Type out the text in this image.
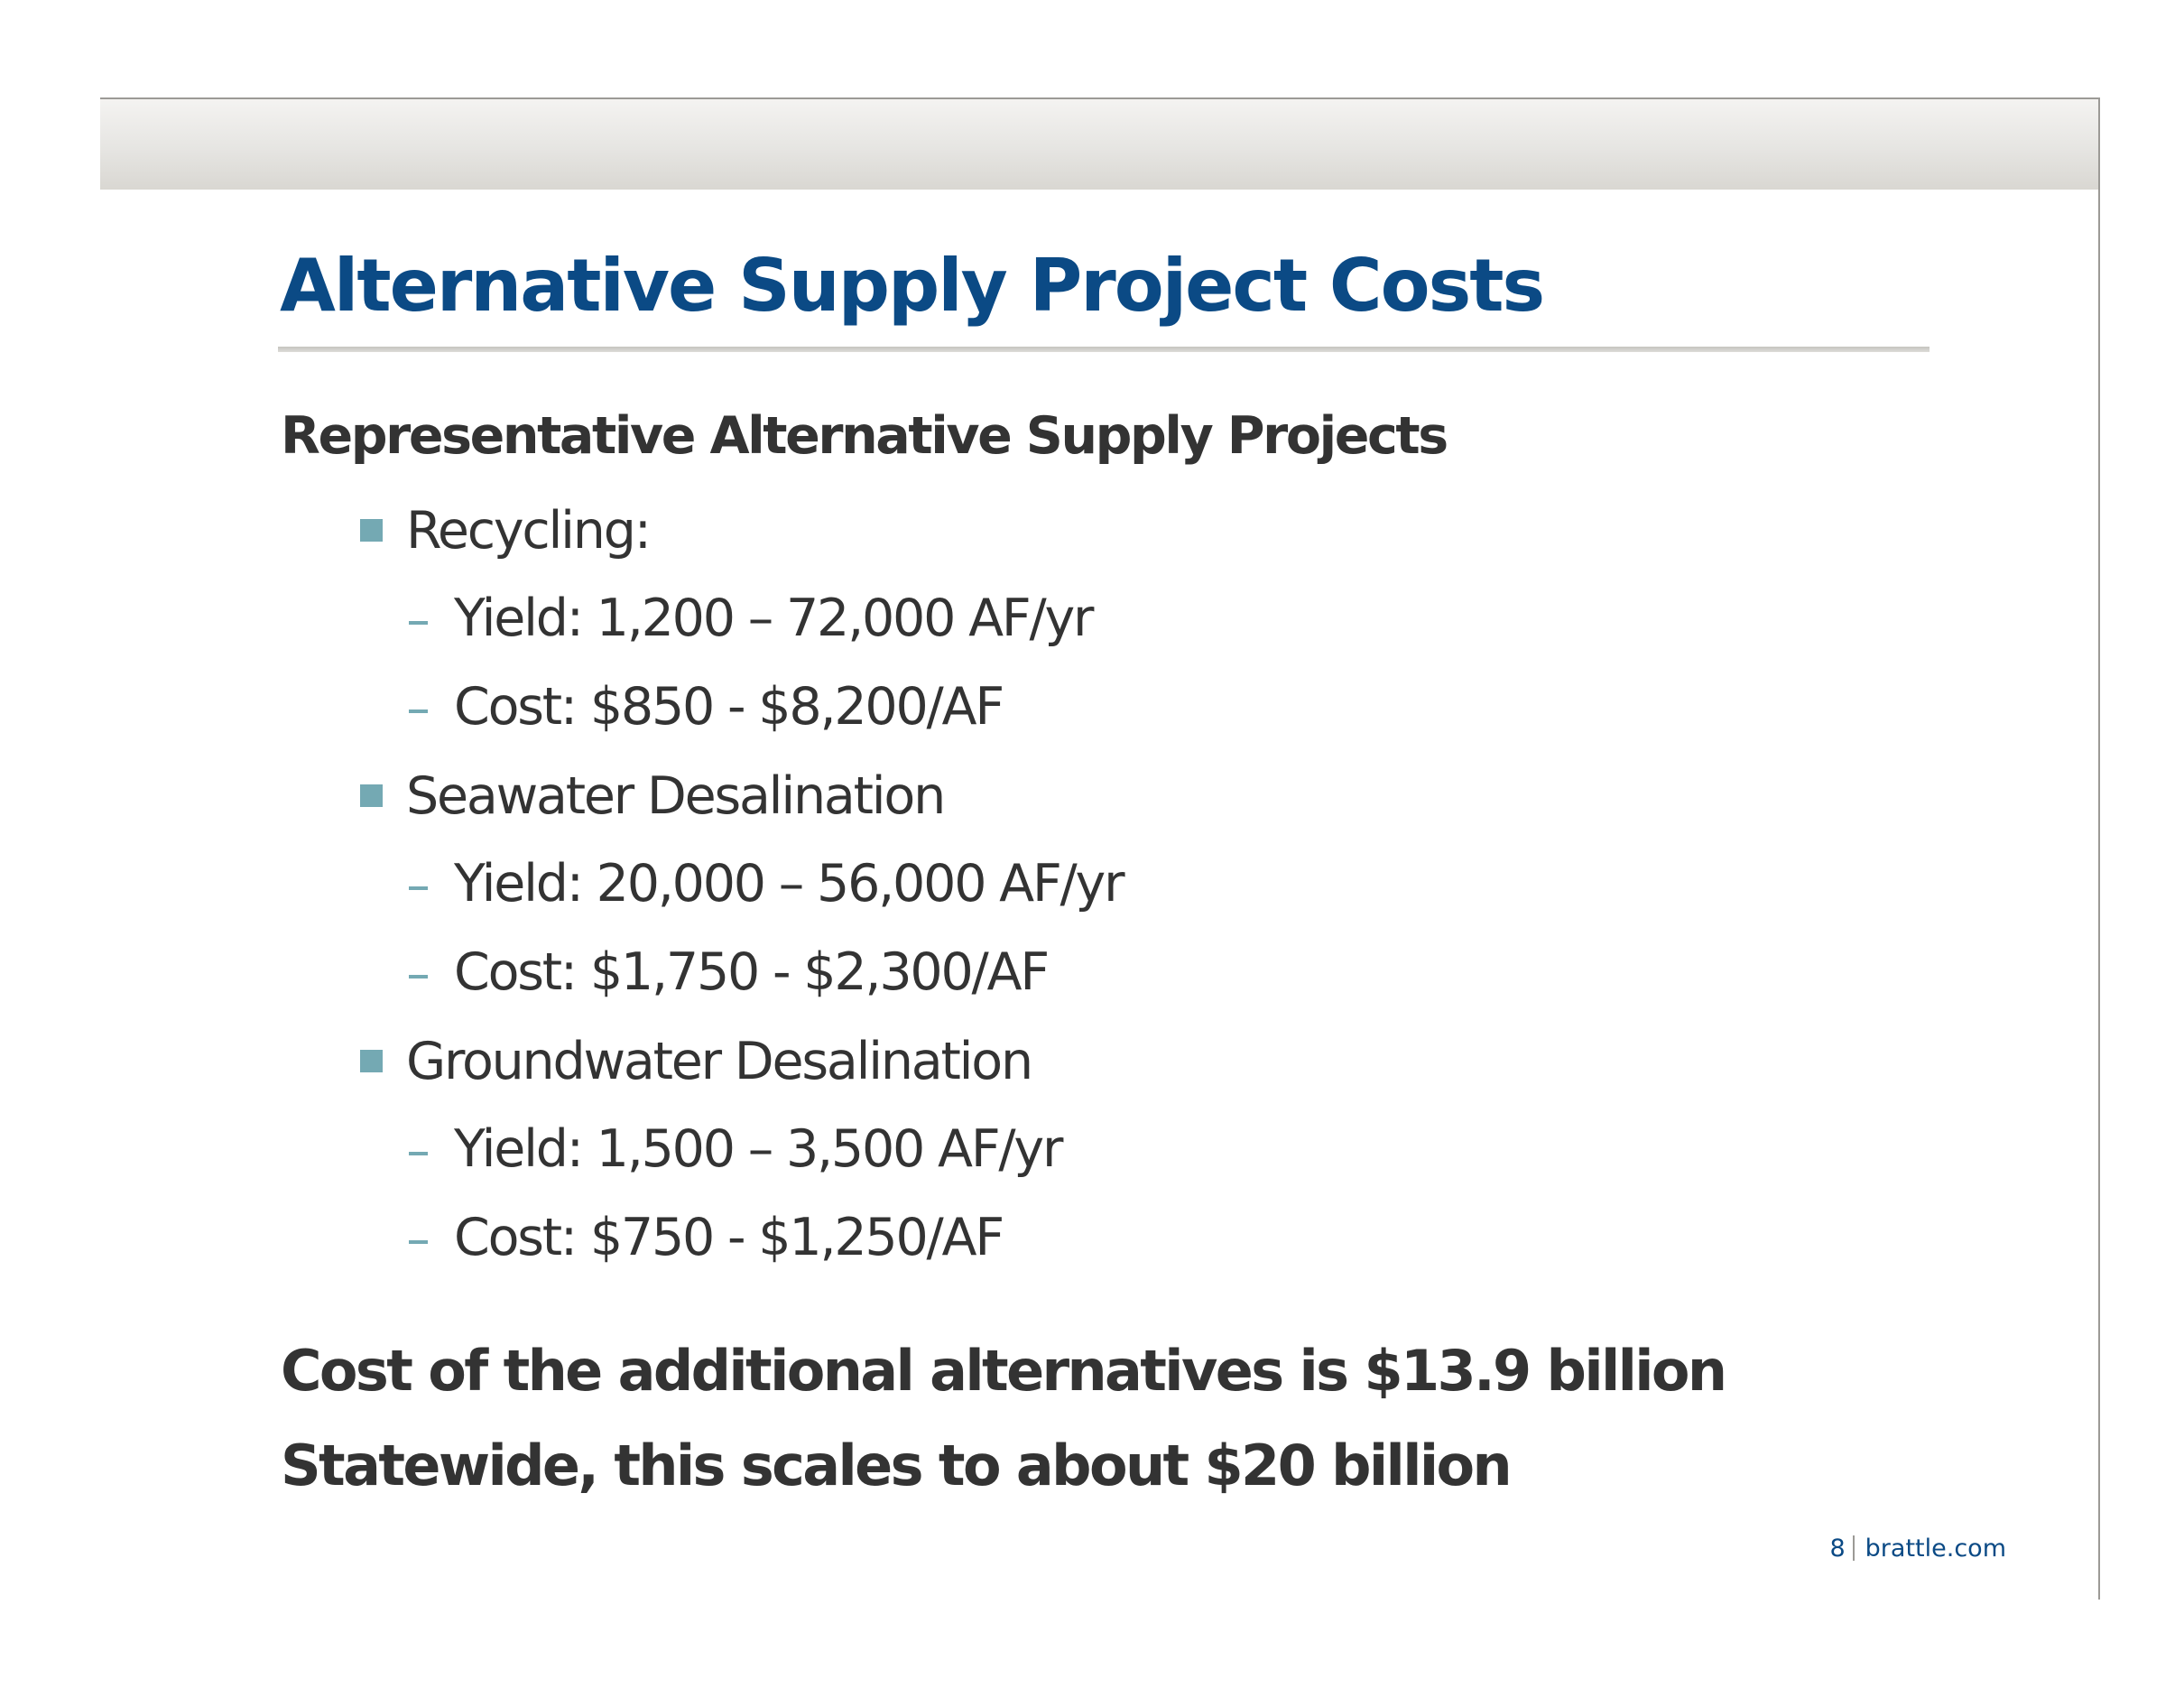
Alternative Supply Project Costs
Representative Alternative Supply Projects
Recycling:
Yield: 1,200 – 72,000 AF/yr
Cost: $850 - $8,200/AF
Seawater Desalination
Yield: 20,000 – 56,000 AF/yr
Cost: $1,750 - $2,300/AF
Groundwater Desalination
Yield: 1,500 – 3,500 AF/yr
Cost: $750 - $1,250/AF
Cost of the additional alternatives is $13.9 billion
Statewide, this scales to about $20 billion
8 brattle.com
